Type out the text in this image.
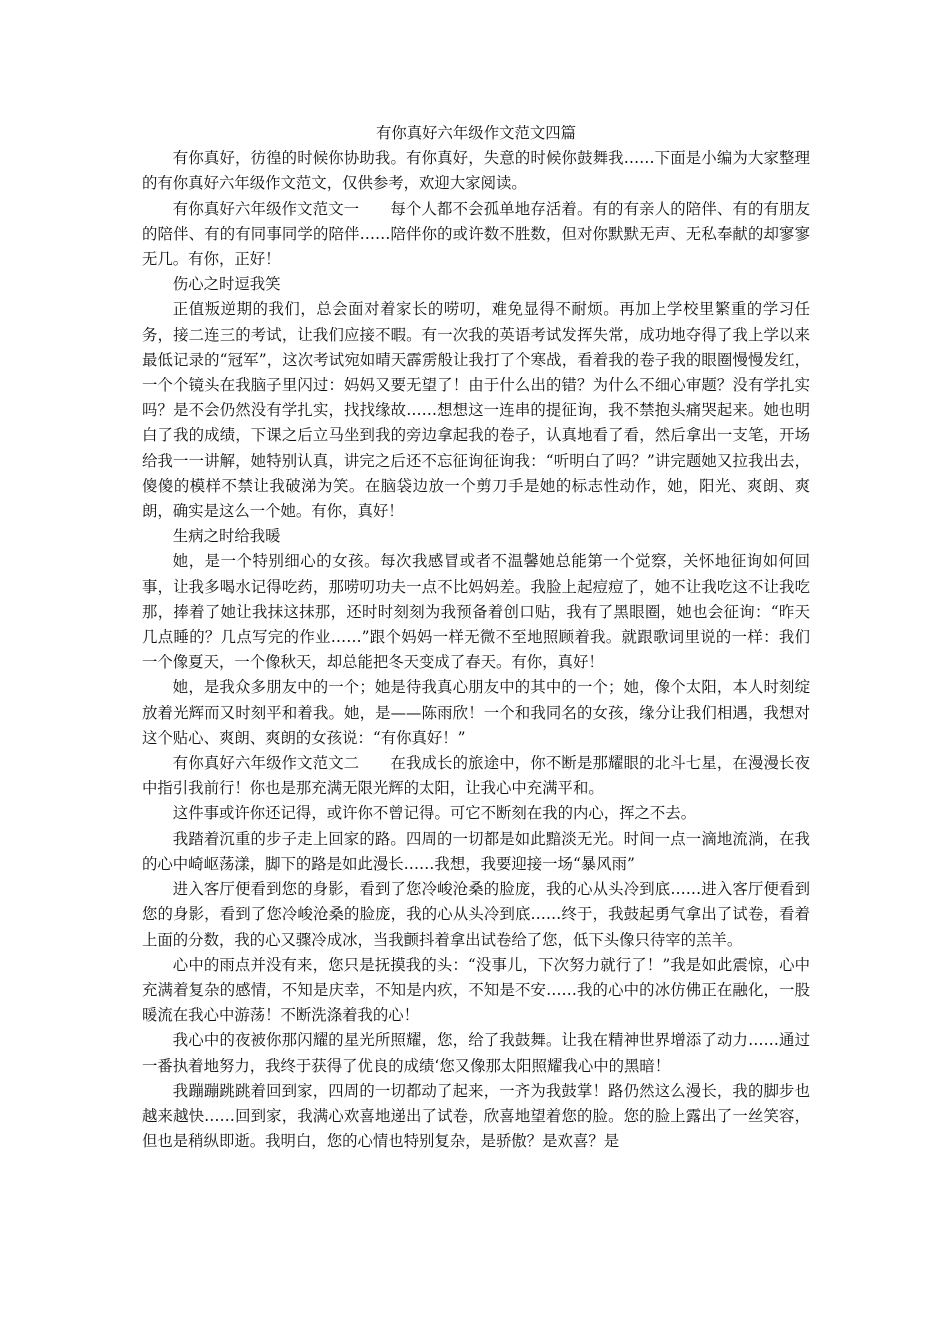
有你真好六年级作文范文四篇

有你真好，彷徨的时候你协助我。有你真好，失意的时候你鼓舞我……下面是小编为大家整理的有你真好六年级作文范文，仅供参考，欢迎大家阅读。

有你真好六年级作文范文一　　每个人都不会孤单地存活着。有的有亲人的陪伴、有的有朋友的陪伴、有的有同事同学的陪伴……陪伴你的或许数不胜数，但对你默默无声、无私奉献的却寥寥无几。有你，正好！

伤心之时逗我笑

正值叛逆期的我们，总会面对着家长的唠叨，难免显得不耐烦。再加上学校里繁重的学习任务，接二连三的考试，让我们应接不暇。有一次我的英语考试发挥失常，成功地夺得了我上学以来最低记录的“冠军”，这次考试宛如晴天霹雳般让我打了个寒战，看着我的卷子我的眼圈慢慢发红，一个个镜头在我脑子里闪过：妈妈又要无望了！由于什么出的错？为什么不细心审题？没有学扎实吗？是不会仍然没有学扎实，找找缘故……想想这一连串的提征询，我不禁抱头痛哭起来。她也明白了我的成绩，下课之后立马坐到我的旁边拿起我的卷子，认真地看了看，然后拿出一支笔，开场给我一一讲解，她特别认真，讲完之后还不忘征询征询我：“听明白了吗？”讲完题她又拉我出去，傻傻的模样不禁让我破涕为笑。在脑袋边放一个剪刀手是她的标志性动作，她，阳光、爽朗、爽朗，确实是这么一个她。有你，真好！

生病之时给我暖

她，是一个特别细心的女孩。每次我感冒或者不温馨她总能第一个觉察，关怀地征询如何回事，让我多喝水记得吃药，那唠叨功夫一点不比妈妈差。我脸上起痘痘了，她不让我吃这不让我吃那，捧着了她让我抹这抹那，还时时刻刻为我预备着创口贴，我有了黑眼圈，她也会征询：“昨天几点睡的？几点写完的作业……”跟个妈妈一样无微不至地照顾着我。就跟歌词里说的一样：我们一个像夏天，一个像秋天，却总能把冬天变成了春天。有你，真好！

她，是我众多朋友中的一个；她是待我真心朋友中的其中的一个；她，像个太阳，本人时刻绽放着光辉而又时刻平和着我。她，是——陈雨欣！一个和我同名的女孩，缘分让我们相遇，我想对这个贴心、爽朗、爽朗的女孩说：“有你真好！”

有你真好六年级作文范文二　　在我成长的旅途中，你不断是那耀眼的北斗七星，在漫漫长夜中指引我前行！你也是那充满无限光辉的太阳，让我心中充满平和。

这件事或许你还记得，或许你不曾记得。可它不断刻在我的内心，挥之不去。

我踏着沉重的步子走上回家的路。四周的一切都是如此黯淡无光。时间一点一滴地流淌，在我的心中崎岖荡漾，脚下的路是如此漫长……我想，我要迎接一场“暴风雨”

进入客厅便看到您的身影，看到了您冷峻沧桑的脸庞，我的心从头冷到底……进入客厅便看到您的身影，看到了您冷峻沧桑的脸庞，我的心从头冷到底……终于，我鼓起勇气拿出了试卷，看着上面的分数，我的心又骤冷成冰，当我颤抖着拿出试卷给了您，低下头像只待宰的羔羊。

心中的雨点并没有来，您只是抚摸我的头：“没事儿，下次努力就行了！”我是如此震惊，心中充满着复杂的感情，不知是庆幸，不知是内疚，不知是不安……我的心中的冰仿佛正在融化，一股暖流在我心中游荡！不断洗涤着我的心！

我心中的夜被你那闪耀的星光所照耀，您，给了我鼓舞。让我在精神世界增添了动力……通过一番执着地努力，我终于获得了优良的成绩‘您又像那太阳照耀我心中的黑暗！

我蹦蹦跳跳着回到家，四周的一切都动了起来，一齐为我鼓掌！路仍然这么漫长，我的脚步也越来越快……回到家，我满心欢喜地递出了试卷，欣喜地望着您的脸。您的脸上露出了一丝笑容，但也是稍纵即逝。我明白，您的心情也特别复杂，是骄傲？是欢喜？是
